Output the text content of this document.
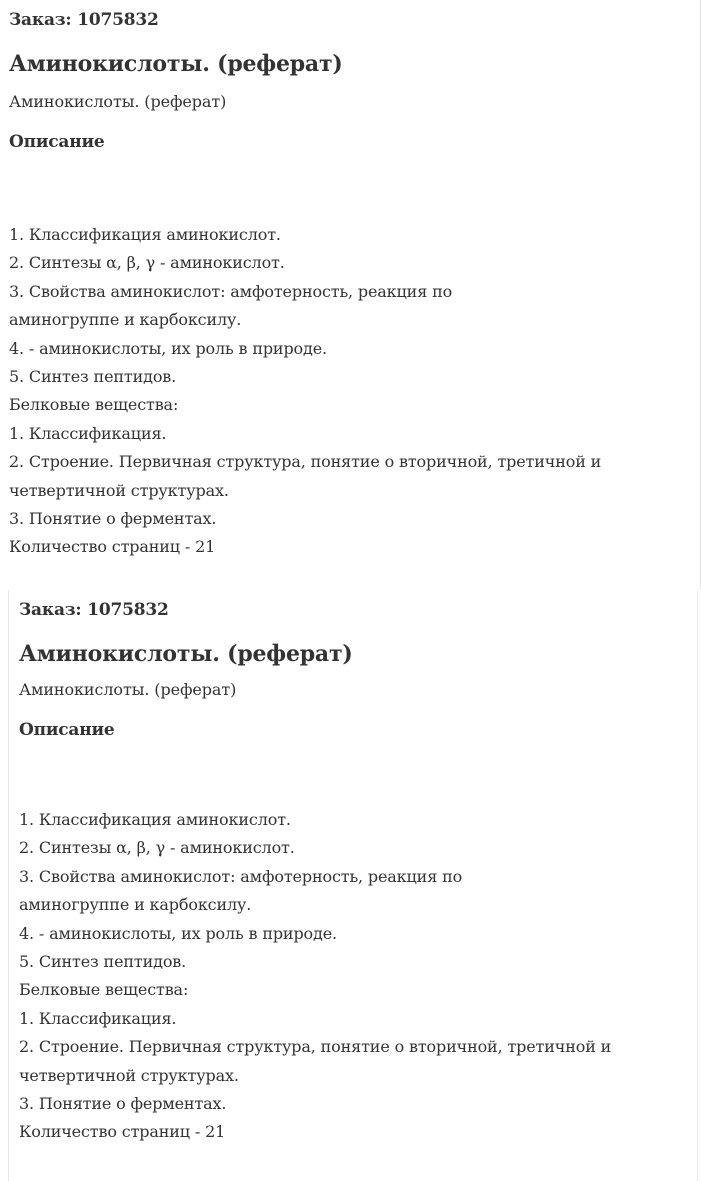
Заказ: 1075832
Аминокислоты. (реферат)
Аминокислоты. (реферат)
Описание
1. Классификация аминокислот.
2. Синтезы α, β, γ - аминокислот.
3. Свойства аминокислот: амфотерность, реакция по
аминогруппе и карбоксилу.
4. - аминокислоты, их роль в природе.
5. Синтез пептидов.
Белковые вещества:
1. Классификация.
2. Строение. Первичная структура, понятие о вторичной, третичной и
четвертичной структурах.
3. Понятие о ферментах.
Количество страниц - 21
Заказ: 1075832
Аминокислоты. (реферат)
Аминокислоты. (реферат)
Описание
1. Классификация аминокислот.
2. Синтезы α, β, γ - аминокислот.
3. Свойства аминокислот: амфотерность, реакция по
аминогруппе и карбоксилу.
4. - аминокислоты, их роль в природе.
5. Синтез пептидов.
Белковые вещества:
1. Классификация.
2. Строение. Первичная структура, понятие о вторичной, третичной и
четвертичной структурах.
3. Понятие о ферментах.
Количество страниц - 21
